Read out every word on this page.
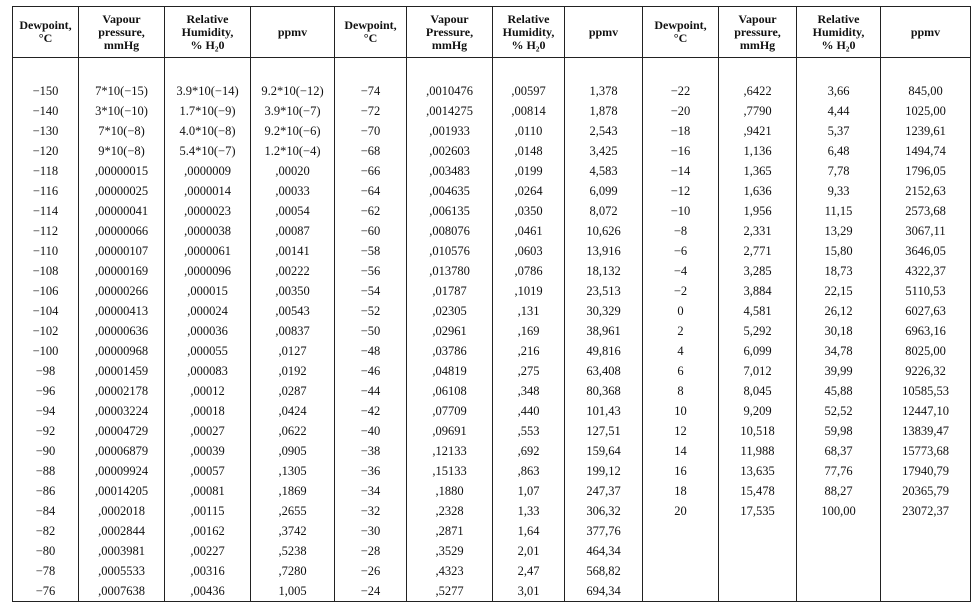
Dewpoint,
°C	Vapour
pressure,
mmHg	Relative
Humidity,
% H₂0	ppmv	Dewpoint,
°C	Vapour
Pressure,
mmHg	Relative
Humidity,
% H₂0	ppmv	Dewpoint,
°C	Vapour
pressure,
mmHg	Relative
Humidity,
% H₂0	ppmv

−150	7*10(−15)	3.9*10(−14)	9.2*10(−12)	−74	,0010476	,00597	1,378	−22	,6422	3,66	845,00
−140	3*10(−10)	1.7*10(−9)	3.9*10(−7)	−72	,0014275	,00814	1,878	−20	,7790	4,44	1025,00
−130	7*10(−8)	4.0*10(−8)	9.2*10(−6)	−70	,001933	,0110	2,543	−18	,9421	5,37	1239,61
−120	9*10(−8)	5.4*10(−7)	1.2*10(−4)	−68	,002603	,0148	3,425	−16	1,136	6,48	1494,74
−118	,00000015	,0000009	,00020	−66	,003483	,0199	4,583	−14	1,365	7,78	1796,05
−116	,00000025	,0000014	,00033	−64	,004635	,0264	6,099	−12	1,636	9,33	2152,63
−114	,00000041	,0000023	,00054	−62	,006135	,0350	8,072	−10	1,956	11,15	2573,68
−112	,00000066	,0000038	,00087	−60	,008076	,0461	10,626	−8	2,331	13,29	3067,11
−110	,00000107	,0000061	,00141	−58	,010576	,0603	13,916	−6	2,771	15,80	3646,05
−108	,00000169	,0000096	,00222	−56	,013780	,0786	18,132	−4	3,285	18,73	4322,37
−106	,00000266	,000015	,00350	−54	,01787	,1019	23,513	−2	3,884	22,15	5110,53
−104	,00000413	,000024	,00543	−52	,02305	,131	30,329	0	4,581	26,12	6027,63
−102	,00000636	,000036	,00837	−50	,02961	,169	38,961	2	5,292	30,18	6963,16
−100	,00000968	,000055	,0127	−48	,03786	,216	49,816	4	6,099	34,78	8025,00
−98	,00001459	,000083	,0192	−46	,04819	,275	63,408	6	7,012	39,99	9226,32
−96	,00002178	,00012	,0287	−44	,06108	,348	80,368	8	8,045	45,88	10585,53
−94	,00003224	,00018	,0424	−42	,07709	,440	101,43	10	9,209	52,52	12447,10
−92	,00004729	,00027	,0622	−40	,09691	,553	127,51	12	10,518	59,98	13839,47
−90	,00006879	,00039	,0905	−38	,12133	,692	159,64	14	11,988	68,37	15773,68
−88	,00009924	,00057	,1305	−36	,15133	,863	199,12	16	13,635	77,76	17940,79
−86	,00014205	,00081	,1869	−34	,1880	1,07	247,37	18	15,478	88,27	20365,79
−84	,0002018	,00115	,2655	−32	,2328	1,33	306,32	20	17,535	100,00	23072,37
−82	,0002844	,00162	,3742	−30	,2871	1,64	377,76				
−80	,0003981	,00227	,5238	−28	,3529	2,01	464,34				
−78	,0005533	,00316	,7280	−26	,4323	2,47	568,82				
−76	,0007638	,00436	1,005	−24	,5277	3,01	694,34				
